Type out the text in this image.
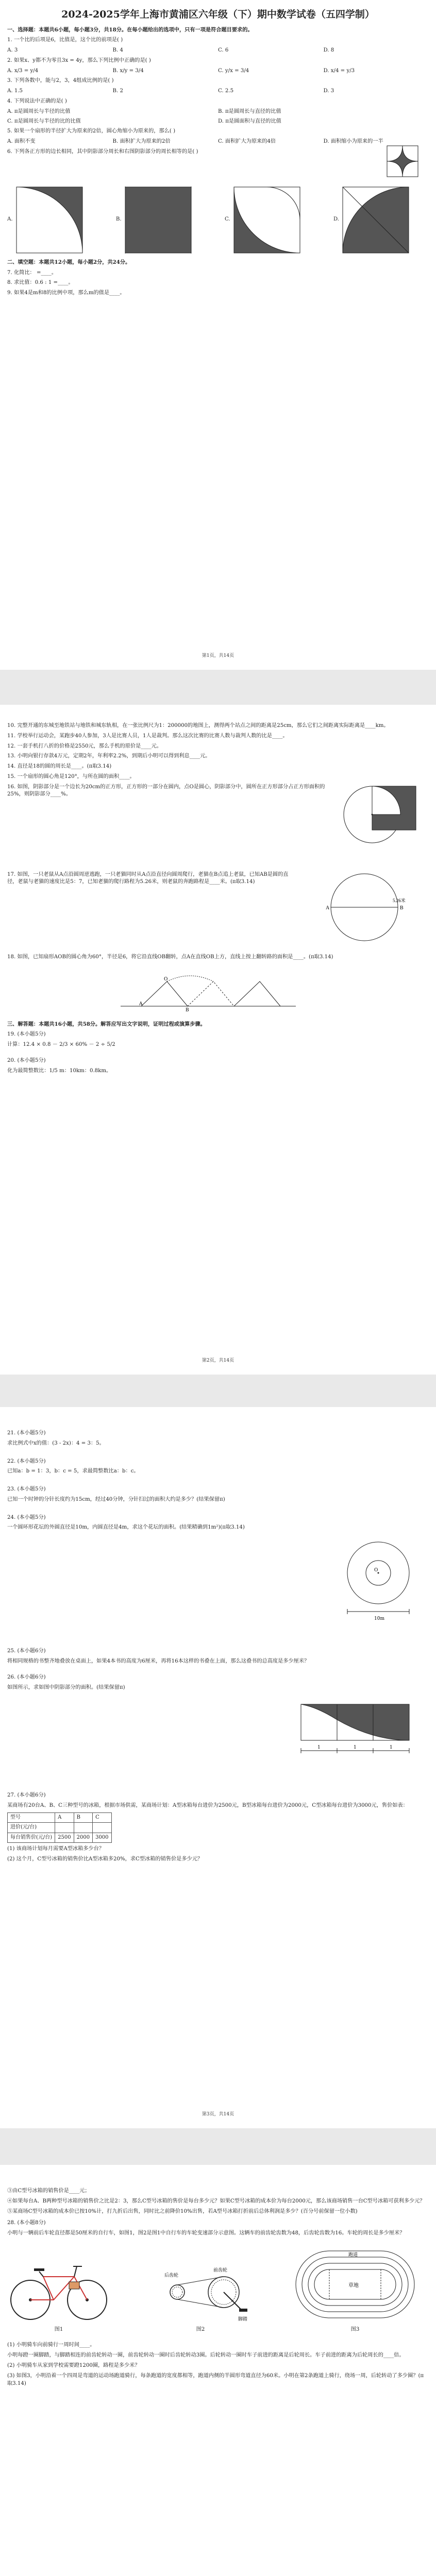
2024-2025学年上海市黄浦区六年级（下）期中数学试卷（五四学制）
一、选择题：本题共6小题，每小题3分，共18分。在每小题给出的选项中，只有一项是符合题目要求的。
1. 一个比的后项是6，比值是，这个比的前项是( )
A. 3	B. 4	C. 6	D. 8
2. 如果x、y都不为零且3x = 4y，那么下列比例中正确的是( )
A. x/3 = y/4	B. x/y = 3/4	C. y/x = 3/4	D. x/4 = y/3
3. 下列各数中，能与2，3，4组成比例的是( )
A. 1.5	B. 2	C. 2.5	D. 3
4. 下列说法中正确的是( )
A. π是圆周长与半径的比值	B. π是圆周长与直径的比值
C. π是圆周长与半径的比的比值	D. π是圆面积与直径的比值
5. 如果一个扇形的半径扩大为原来的2倍，圆心角缩小为原来的，那么( )
A. 面积不变	B. 面积扩大为原来的2倍	C. 面积扩大为原来的4倍	D. 面积缩小为原来的一半
6. 下列各正方形的边长相同，其中阴影部分周长和右图阴影部分的周长相等的是( )
A.	B.	C.	D.
二、填空题：本题共12小题，每小题2分，共24分。
7. 化简比： =____。
8. 求比值：0.6 : 1 =____。
9. 如果4是m和8的比例中项，那么m的值是____。
第1页，共14页
10. 完整开通的东城至地铁站与地铁和城东轨相，在一张比例尺为1：200000的地图上，测得两个站点之间的距离是25cm，那么它们之间距离实际距离是____km。
11. 学校举行运动会，某跑步40人参加，3人是比赛人员，1人是裁判。那么这次比赛的比赛人数与裁判人数的比是____。
12. 一套手机打八折的价格是2550元，那么手机的原价是____元。
13. 小明向银行存款4万元，定期2年，年利率2.2%，到期后小明可以得到利息____元。
14. 直径是18的圆的周长是____。(π取3.14)
15. 一个扇形的圆心角是120°，与所在圆的面积____。
16. 如图，阴影部分是一个边长为20cm的正方形，正方形的一部分在圆内，点O是圆心，阴影部分中，圆所在正方形部分占正方形面积的25%，则阴影部分____%。
17. 如图，一只老鼠从A点沿圆周逆逃跑，一只老猫同时从A点沿直径向圆周爬行，老猫在B点追上老鼠，已知AB是圆的直径，老鼠与老猫的速度比是5：7，已知老猫的爬行路程为5.26米，则老鼠的奔跑路程是____米。(π取3.14)
A	B
5.26米
18. 如图，已知扇形AOB的圆心角为60°，半径是6，将它沿直线OB翻转，点A在直线OB上方，直线上按上翻转路的面积是____。(π取3.14)
A
O
B
三、解答题：本题共16小题，共58分。解答应写出文字说明，证明过程或演算步骤。
19. (本小题5分)
计算：12.4 × 0.8 － 2/3 × 60% － 2 ÷ 5/2
20. (本小题5分)
化为最简整数比：1/5 m：10km：0.8km。
第2页，共14页
21. (本小题5分)
求比例式中x的值：(3 - 2x)：4 = 3：5。
22. (本小题5分)
已知a：b = 1：3，b：c = 5，求最简整数比a：b：c。
23. (本小题5分)
已知一个时钟的分针长度约为15cm，经过40分钟，分针扫过的面积大约是多少？(结果保留π)
24. (本小题5分)
一个圆环形花坛的外圆直径是10m，内圆直径是4m，求这个花坛的面积。(结果精确到1m²)(π取3.14)
O
10m
25. (本小题6分)
将相同规格的书整齐地叠放在桌面上，如果4本书的高度为6厘米，再将16本这样的书叠在上面，那么这叠书的总高度是多少厘米？
26. (本小题6分)
如图所示，求如图中阴影部分的面积。(结果保留π)
1	1	1
27. (本小题6分)
某商场有20台A、B、C三种型号的冰箱，根据市场供需，某商场计划：A型冰箱每台进价为2500元，B型冰箱每台进价为2000元，C型冰箱每台进价为3000元，售价如表：
型号	A	B	C
进价(元/台)			
每台销售价(元/台)	2500	2000	3000
(1) 该商场计划每月需要A型冰箱多少台？
(2) 这个月，C型号冰箱的销售价比A型冰箱多20%，求C型冰箱的销售价是多少元？
第3页，共14页
③由C型号冰箱的销售价是____元；
④如果每台A、B两种型号冰箱的销售价之比是2：3，那么C型号冰箱的售价是每台多少元？如果C型号冰箱的成本价为每台2000元，那么该商场销售一台C型号冰箱可获利多少元？
⑤某商场C型号冰箱的成本价已按10%计，打九折后出售，同时比之前降价10%出售，若A型号冰箱打折前后总体利润是多少？(百分号前保留一位小数)
28. (本小题8分)
小明与一辆前后车轮直径都是50厘米的自行车，如图1，图2是图1中自行车的车轮变速部分示意图。这辆车的前齿轮齿数为48，后齿轮齿数为16。车轮的周长是多少厘米？
图1
脚踏
前齿轮
后齿轮
图2
草地
跑道
图3
(1) 小明骑车向前骑行一周时间____。
小明每蹬一圈脚踏，与脚踏相连的前齿轮转动一圈，前齿轮转动一圈时后齿轮转动3圈。后轮转动一圈时车子前进的距离是后轮周长。车子前进的距离为后轮周长的____倍。
(2) 小明骑车从家到学校需要蹬1200圈，路程是多少米？
(3) 如图3，小明沿着一个四周是弯道的运动场跑道骑行，每条跑道的宽度都相等，跑道内侧的半圆形弯道直径为60米。小明在第2条跑道上骑行，绕场一周，后轮转动了多少圈？(π取3.14)
